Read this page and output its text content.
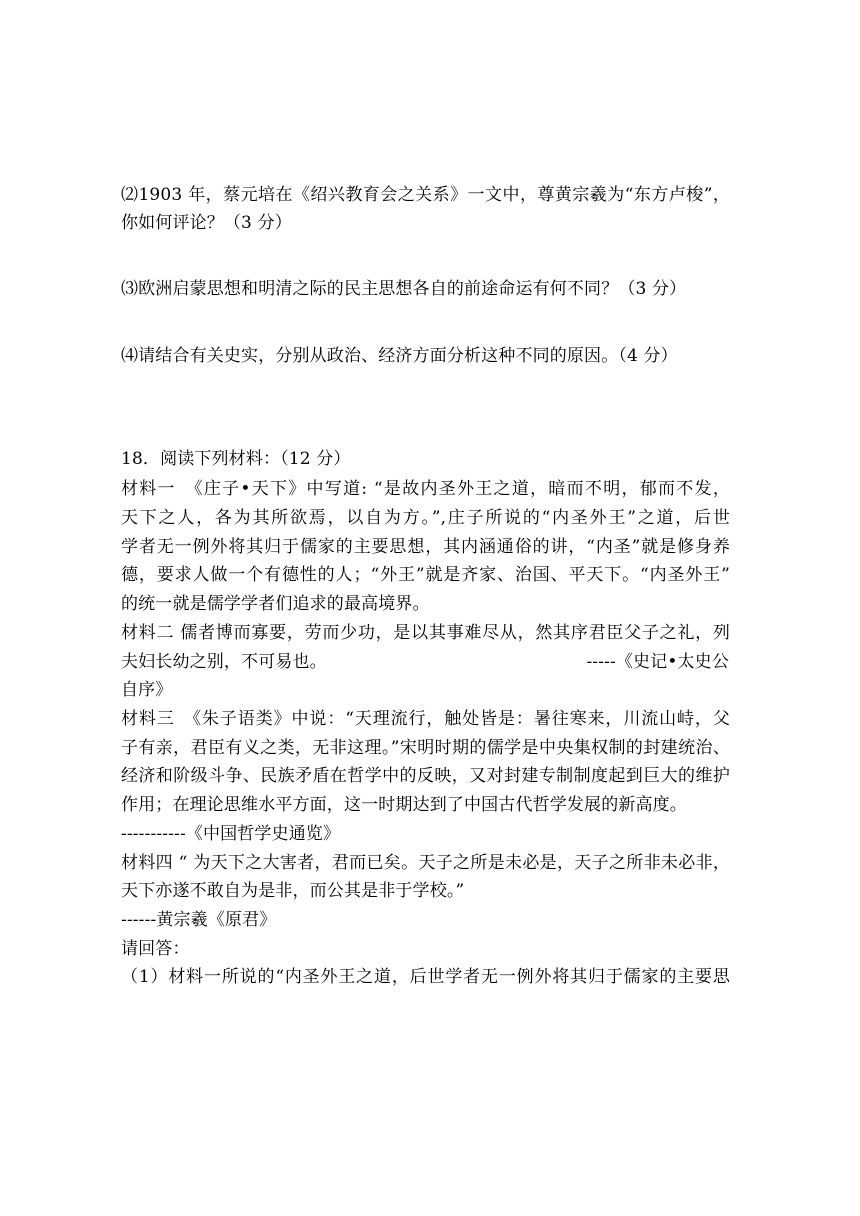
⑵1903 年，蔡元培在《绍兴教育会之关系》一文中，尊黄宗羲为“东方卢梭”，

你如何评论？（3 分）

⑶欧洲启蒙思想和明清之际的民主思想各自的前途命运有何不同？（3 分）

⑷请结合有关史实，分别从政治、经济方面分析这种不同的原因。（4 分）

18．阅读下列材料：（12 分）

材料一　《庄子•天下》中写道: “是故内圣外王之道，暗而不明，郁而不发，

天下之人，各为其所欲焉，以自为方。”,庄子所说的“内圣外王”之道，后世

学者无一例外将其归于儒家的主要思想，其内涵通俗的讲，“内圣”就是修身养

德，要求人做一个有德性的人；“外王”就是齐家、治国、平天下。“内圣外王”

的统一就是儒学学者们追求的最高境界。

材料二 儒者博而寡要，劳而少功，是以其事难尽从，然其序君臣父子之礼，列

夫妇长幼之别，不可易也。	-----《史记•太史公

自序》

材料三　《朱子语类》中说：“天理流行，触处皆是：暑往寒来，川流山峙，父

子有亲，君臣有义之类，无非这理。”宋明时期的儒学是中央集权制的封建统治、

经济和阶级斗争、民族矛盾在哲学中的反映，又对封建专制制度起到巨大的维护

作用；在理论思维水平方面，这一时期达到了中国古代哲学发展的新高度。

-----------《中国哲学史通览》

材料四 “ 为天下之大害者，君而已矣。天子之所是未必是，天子之所非未必非，

天下亦遂不敢自为是非，而公其是非于学校。”

------黄宗羲《原君》

请回答：

（1）材料一所说的“内圣外王之道，后世学者无一例外将其归于儒家的主要思
